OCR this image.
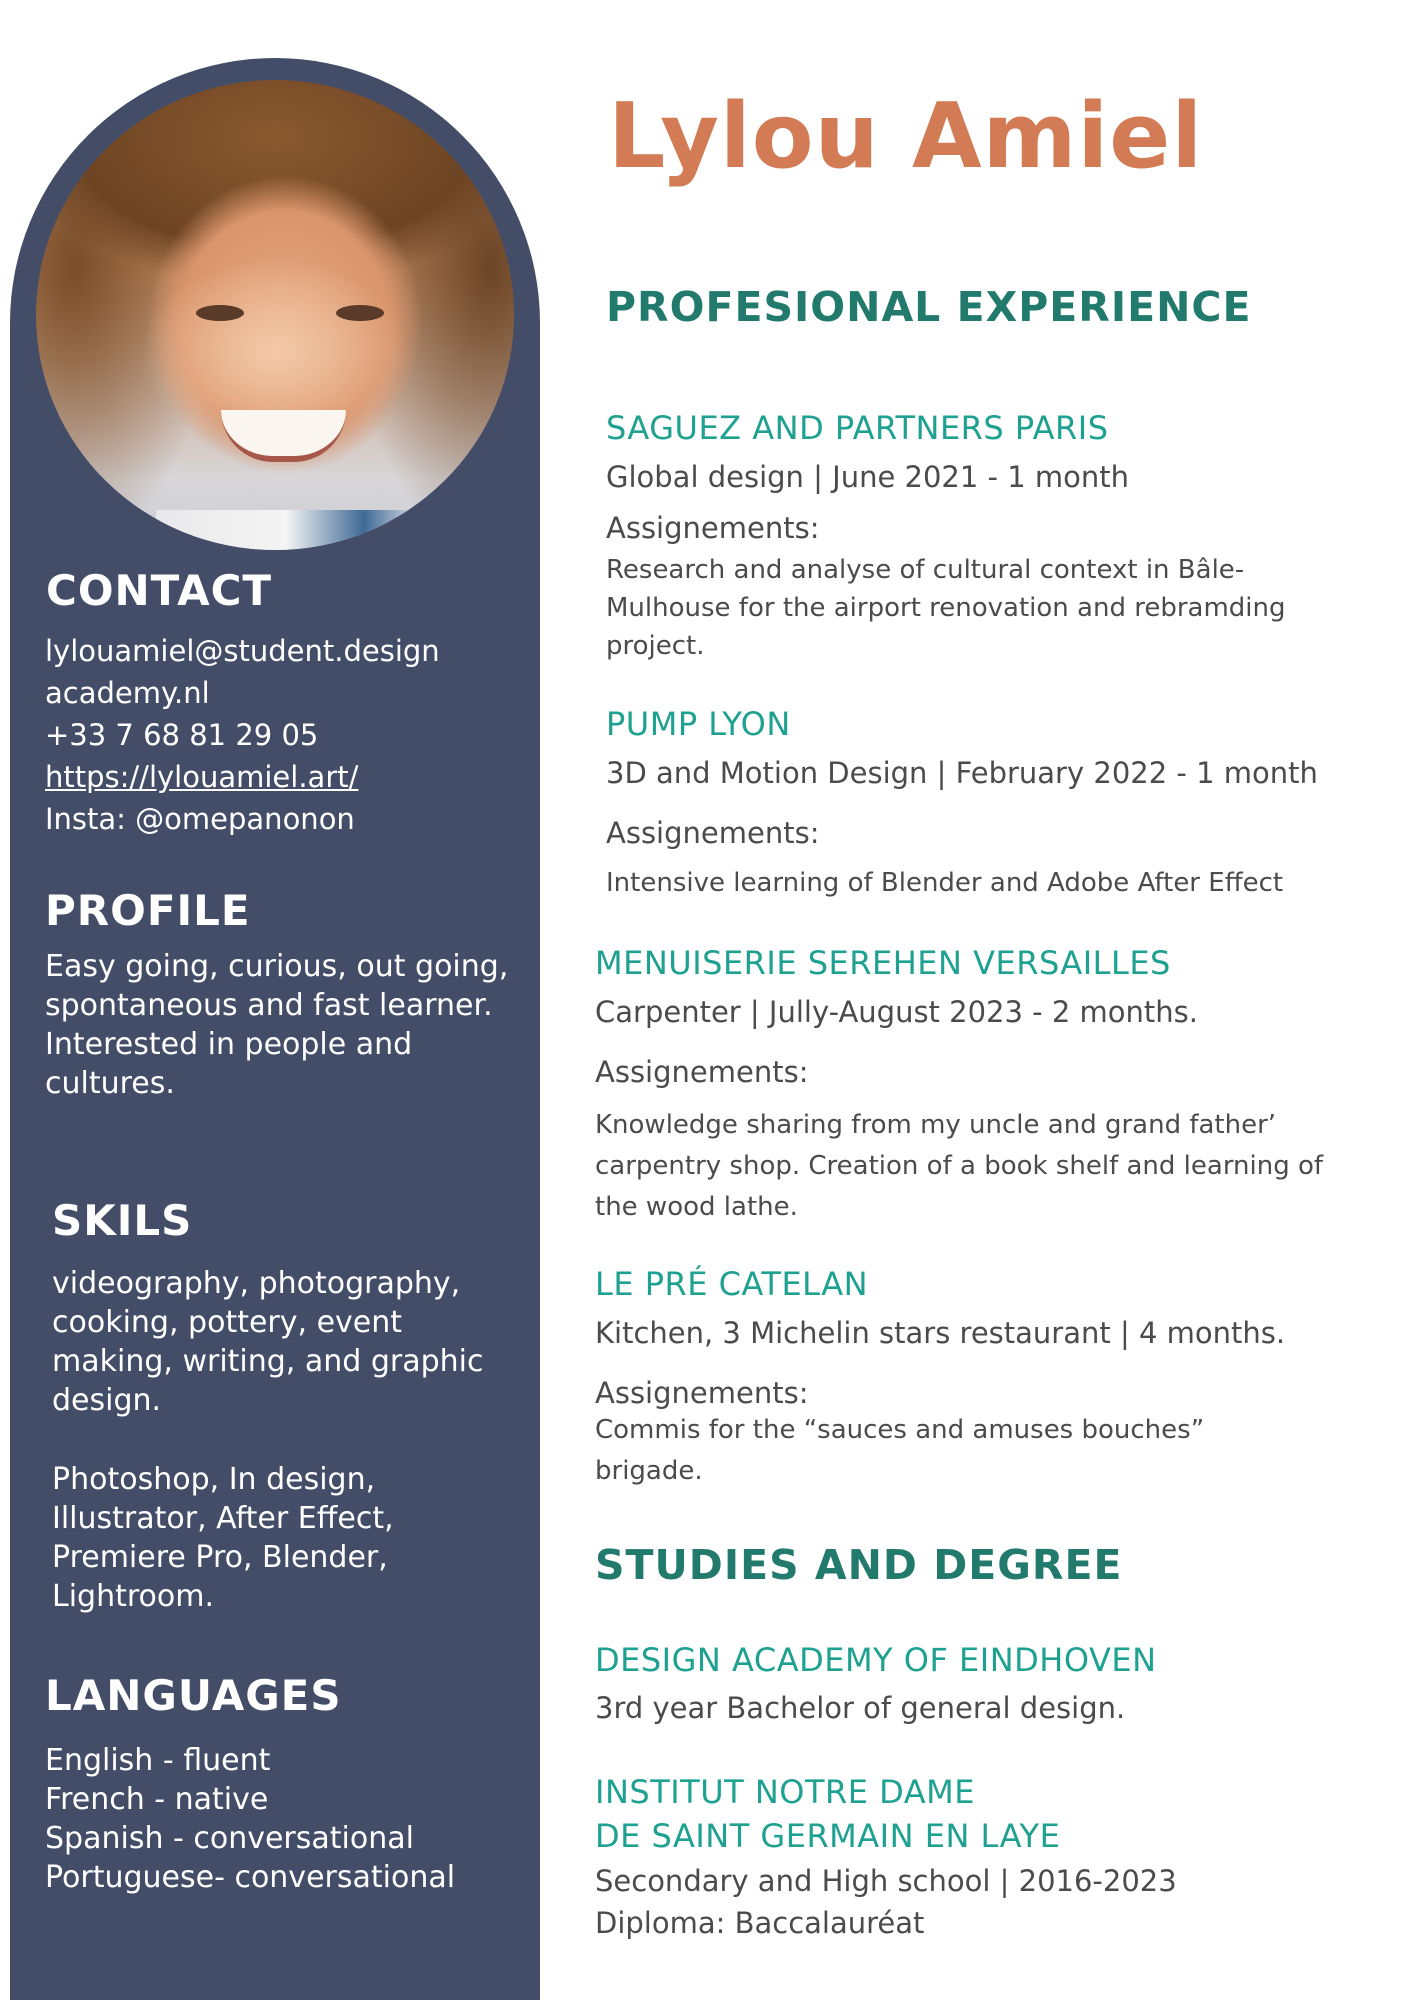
CONTACT
lylouamiel@student.design
academy.nl
+33 7 68 81 29 05
https://lylouamiel.art/
Insta: @omepanonon
PROFILE

Easy going, curious, out going, spontaneous and fast learner.
Interested in people and cultures.

SKILS

videography, photography, cooking, pottery, event making, writing, and graphic design.

Photoshop, In design, Illustrator, After Effect, Premiere Pro, Blender, Lightroom.

LANGUAGES
English - fluent
French - native
Spanish - conversational
Portuguese- conversational
Lylou Amiel
PROFESIONAL EXPERIENCE

SAGUEZ AND PARTNERS PARIS

Global design | June 2021 - 1 month

Assignements:

Research and analyse of cultural context in Bâle-Mulhouse for the airport renovation and rebramding project.

PUMP LYON

3D and Motion Design | February 2022 - 1 month

Assignements:

Intensive learning of Blender and Adobe After Effect

MENUISERIE SEREHEN VERSAILLES

Carpenter | Jully-August 2023 - 2 months.

Assignements:

Knowledge sharing from my uncle and grand father’ carpentry shop. Creation of a book shelf and learning of the wood lathe.

LE PRÉ CATELAN

Kitchen, 3 Michelin stars restaurant | 4 months.

Assignements:

Commis for the “sauces and amuses bouches” brigade.

STUDIES AND DEGREE

DESIGN ACADEMY OF EINDHOVEN

3rd year Bachelor of general design.

INSTITUT NOTRE DAME

DE SAINT GERMAIN EN LAYE

Secondary and High school | 2016-2023

Diploma: Baccalauréat
